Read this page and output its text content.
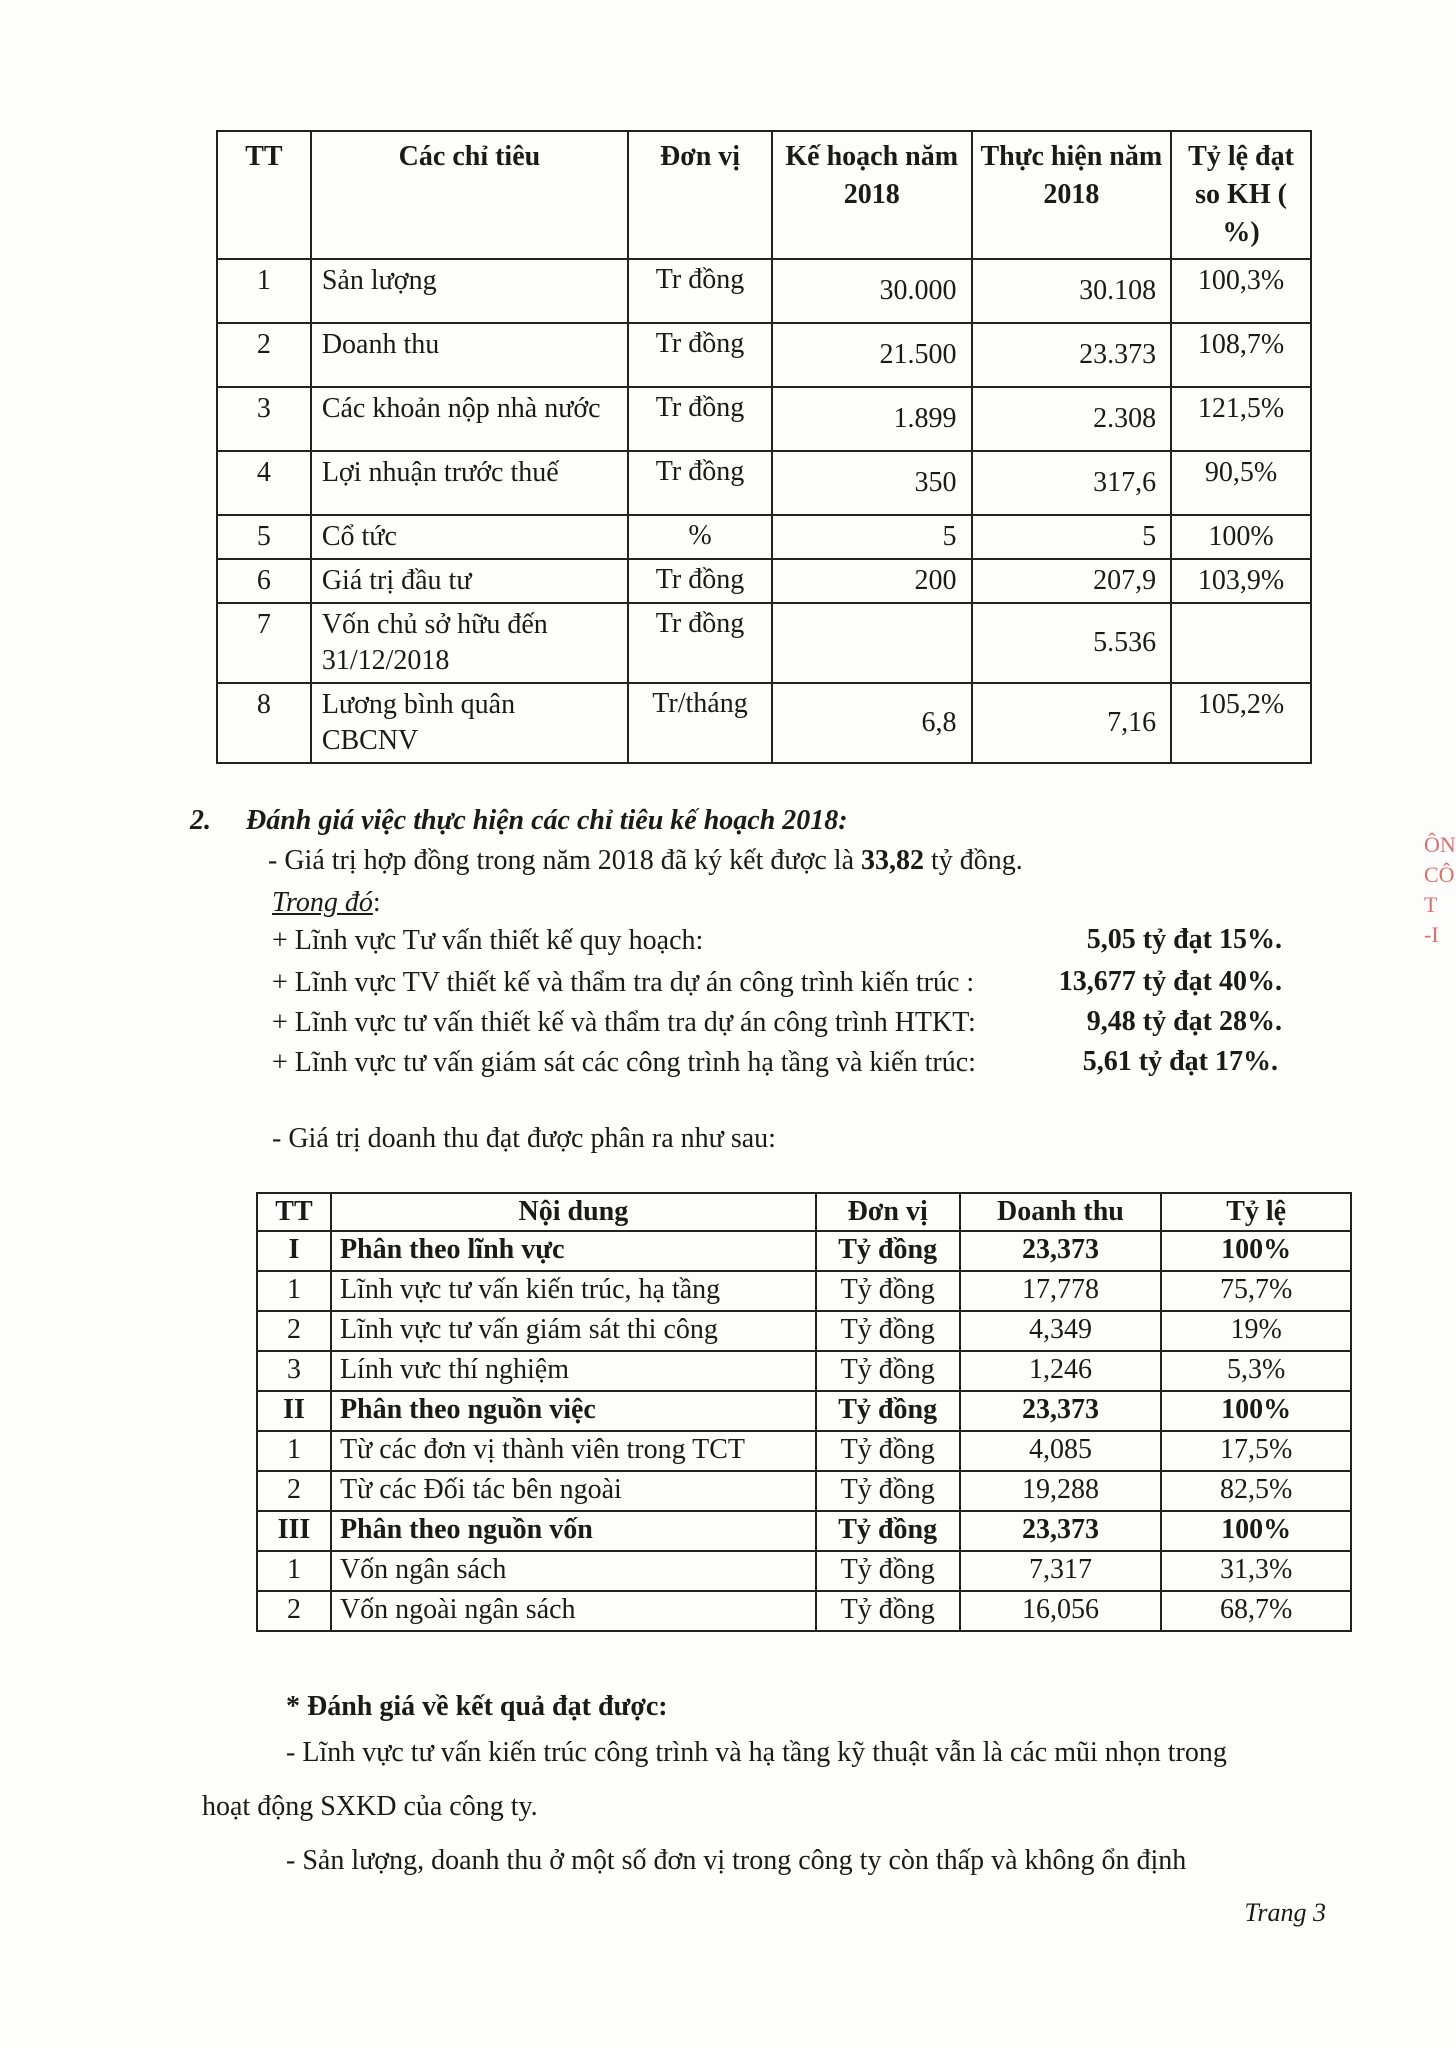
TT	Các chỉ tiêu	Đơn vị	Kế hoạch năm 2018	Thực hiện năm 2018	Tỷ lệ đạt so KH ( %)
1	Sản lượng	Tr đồng	30.000	30.108	100,3%
2	Doanh thu	Tr đồng	21.500	23.373	108,7%
3	Các khoản nộp nhà nước	Tr đồng	1.899	2.308	121,5%
4	Lợi nhuận trước thuế	Tr đồng	350	317,6	90,5%
5	Cổ tức	%	5	5	100%
6	Giá trị đầu tư	Tr đồng	200	207,9	103,9%
7	Vốn chủ sở hữu đến 31/12/2018	Tr đồng		5.536	
8	Lương bình quân CBCNV	Tr/tháng	6,8	7,16	105,2%
2. Đánh giá việc thực hiện các chỉ tiêu kế hoạch 2018:
- Giá trị hợp đồng trong năm 2018 đã ký kết được là 33,82 tỷ đồng.
Trong đó:
+ Lĩnh vực Tư vấn thiết kế quy hoạch:	5,05 tỷ đạt 15%.
+ Lĩnh vực TV thiết kế và thẩm tra dự án công trình kiến trúc :	13,677 tỷ đạt 40%.
+ Lĩnh vực tư vấn thiết kế và thẩm tra dự án công trình HTKT:	9,48 tỷ đạt 28%.
+ Lĩnh vực tư vấn giám sát các công trình hạ tầng và kiến trúc:	5,61 tỷ đạt 17%.
- Giá trị doanh thu đạt được phân ra như sau:
TT	Nội dung	Đơn vị	Doanh thu	Tỷ lệ
I	Phân theo lĩnh vực	Tỷ đồng	23,373	100%
1	Lĩnh vực tư vấn kiến trúc, hạ tầng	Tỷ đồng	17,778	75,7%
2	Lĩnh vực tư vấn giám sát thi công	Tỷ đồng	4,349	19%
3	Lính vưc thí nghiệm	Tỷ đồng	1,246	5,3%
II	Phân theo nguồn việc	Tỷ đồng	23,373	100%
1	Từ các đơn vị thành viên trong TCT	Tỷ đồng	4,085	17,5%
2	Từ các Đối tác bên ngoài	Tỷ đồng	19,288	82,5%
III	Phân theo nguồn vốn	Tỷ đồng	23,373	100%
1	Vốn ngân sách	Tỷ đồng	7,317	31,3%
2	Vốn ngoài ngân sách	Tỷ đồng	16,056	68,7%
* Đánh giá về kết quả đạt được:
- Lĩnh vực tư vấn kiến trúc công trình và hạ tầng kỹ thuật vẫn là các mũi nhọn trong
hoạt động SXKD của công ty.
- Sản lượng, doanh thu ở một số đơn vị trong công ty còn thấp và không ổn định
Trang 3
ÔN
CÔ
T
-I
